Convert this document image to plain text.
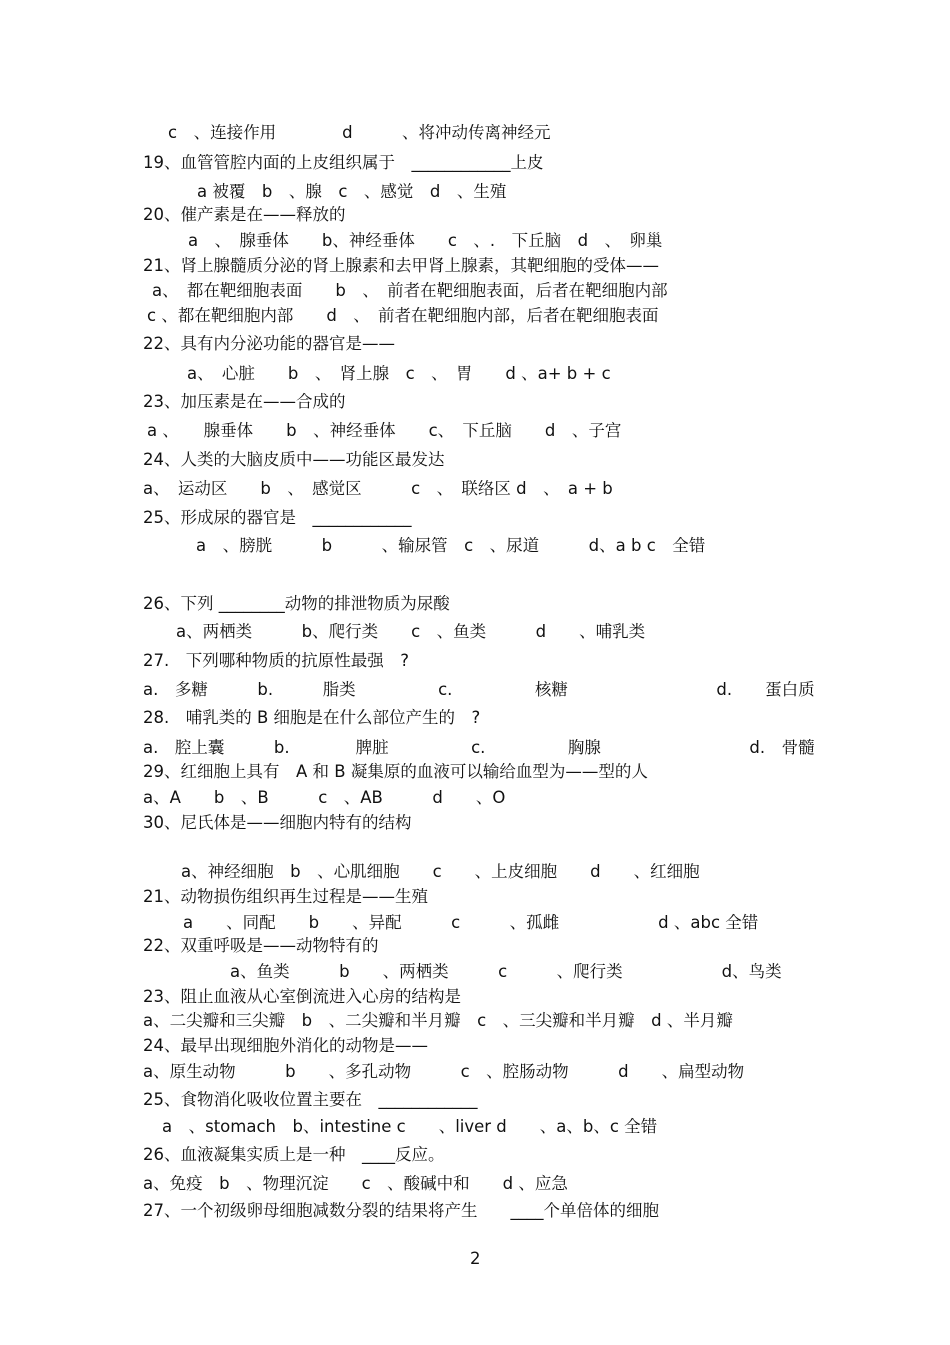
c　、连接作用　　　　d　　　、将冲动传离神经元
19、血管管腔内面的上皮组织属于　____________上皮
a 被覆　b　、腺　c　、感觉　d　、生殖
20、催产素是在——释放的
a　、　腺垂体　　b、神经垂体　　c　、.　下丘脑　d　、　卵巢
21、肾上腺髓质分泌的肾上腺素和去甲肾上腺素，其靶细胞的受体——
a、　都在靶细胞表面　　b　、　前者在靶细胞表面，后者在靶细胞内部
c 、都在靶细胞内部　　d　、　前者在靶细胞内部，后者在靶细胞表面
22、具有内分泌功能的器官是——
a、　心脏　　b　、　肾上腺　c　、　胃　　d 、a+ b + c
23、加压素是在——合成的
a 、　　腺垂体　　b　、神经垂体　　c、　下丘脑　　d　、子宫
24、人类的大脑皮质中——功能区最发达
a、　运动区　　b　、　感觉区　　　c　、　联络区 d　、　a + b
25、形成尿的器官是　____________
a　、膀胱　　　b　　　、输尿管　c　、尿道　　　d、a b c　全错
26、下列 ________动物的排泄物质为尿酸
a、两栖类　　　b、爬行类　　c　、鱼类　　　d　　、哺乳类
27.　下列哪种物质的抗原性最强　?
a.　多糖　　　b.　　　脂类　　　　　c.　　　　　核糖　　　　　　　　　d.　　蛋白质
28.　哺乳类的 B 细胞是在什么部位产生的　?
a.　腔上囊　　　b.　　　　脾脏　　　　　c.　　　　　胸腺　　　　　　　　　d.　骨髓
29、红细胞上具有　A 和 B 凝集原的血液可以输给血型为——型的人
a、A　　b　、B　　　c　、AB　　　d　　、O
30、尼氏体是——细胞内特有的结构
a、神经细胞　b　、心肌细胞　　c　　、上皮细胞　　d　　、红细胞
21、动物损伤组织再生过程是——生殖
a　　、同配　　b　　、异配　　　c　　　、孤雌　　　　　　d 、abc 全错
22、双重呼吸是——动物特有的
a、鱼类　　　b　　、两栖类　　　c　　　、爬行类　　　　　　d、鸟类
23、阻止血液从心室倒流进入心房的结构是
a、二尖瓣和三尖瓣　b　、二尖瓣和半月瓣　c　、三尖瓣和半月瓣　d 、半月瓣
24、最早出现细胞外消化的动物是——
a、原生动物　　　b　　、多孔动物　　　c　、腔肠动物　　　d　　、扁型动物
25、食物消化吸收位置主要在　____________
a　、stomach　b、intestine c　　、liver d　　、a、b、c 全错
26、血液凝集实质上是一种　____反应。
a、免疫　b　、物理沉淀　　c　、酸碱中和　　d 、应急
27、一个初级卵母细胞减数分裂的结果将产生　　____个单倍体的细胞
2
